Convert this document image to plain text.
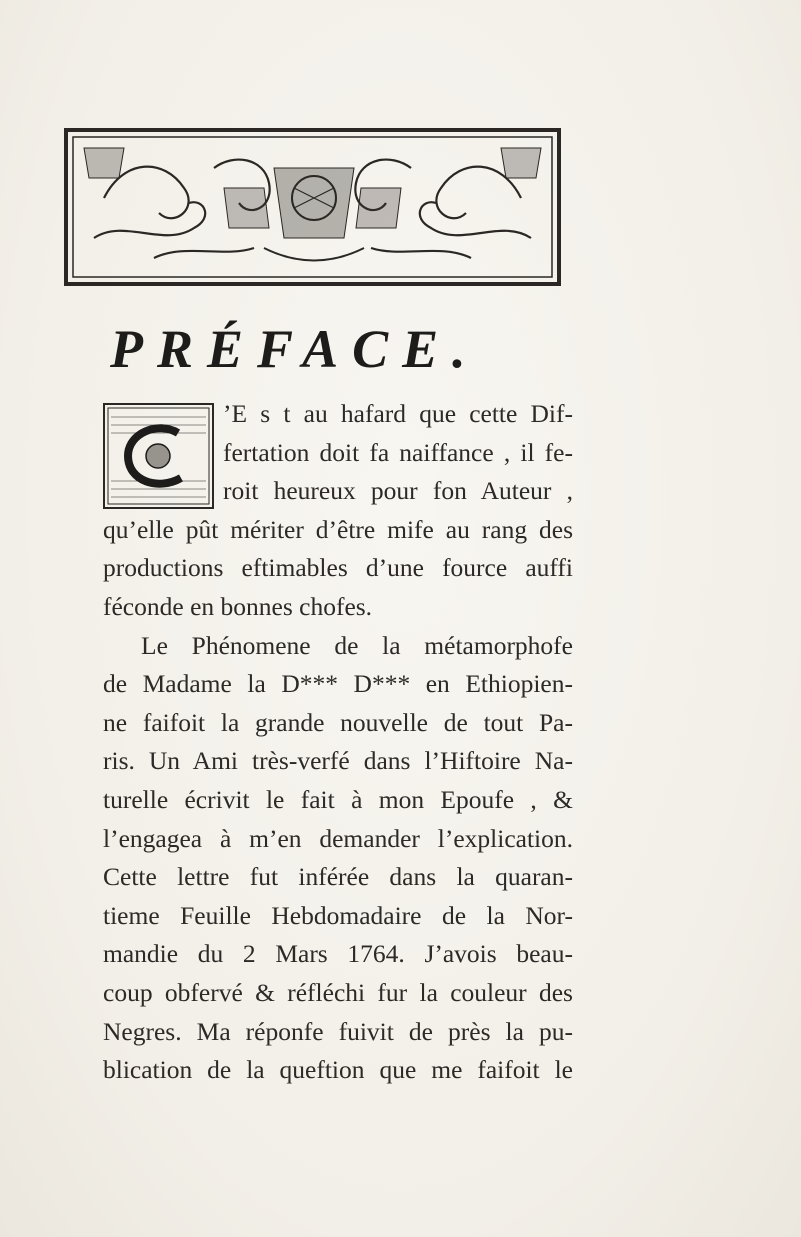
PRÉFACE.
’E s t au hafard que cette Dif-
fertation doit fa naiffance , il fe-
roit heureux pour fon Auteur ,
qu’elle pût mériter d’être mife au rang des
productions eftimables d’une fource auffi
féconde en bonnes chofes.
Le Phénomene de la métamorphofe
de Madame la D*** D*** en Ethiopien-
ne faifoit la grande nouvelle de tout Pa-
ris. Un Ami très-verfé dans l’Hiftoire Na-
turelle écrivit le fait à mon Epoufe , &
l’engagea à m’en demander l’explication.
Cette lettre fut inférée dans la quaran-
tieme Feuille Hebdomadaire de la Nor-
mandie du 2 Mars 1764. J’avois beau-
coup obfervé & réfléchi fur la couleur des
Negres. Ma réponfe fuivit de près la pu-
blication de la queftion que me faifoit le
